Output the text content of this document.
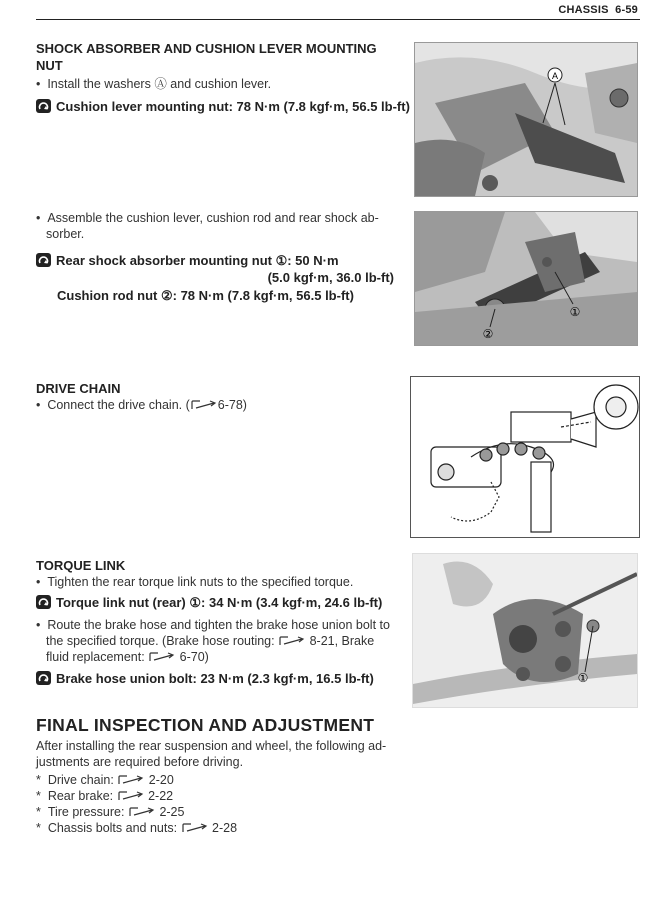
CHASSIS 6-59
SHOCK ABSORBER AND CUSHION LEVER MOUNTING
NUT
•  Install the washers Ⓐ and cushion lever.
Cushion lever mounting nut: 78 N·m (7.8 kgf·m, 56.5 lb-ft)
A
•  Assemble the cushion lever, cushion rod and rear shock ab-
sorber.
Rear shock absorber mounting nut ①: 50 N·m
(5.0 kgf·m, 36.0 lb-ft)
Cushion rod nut ②: 78 N·m (7.8 kgf·m, 56.5 lb-ft)
②
①
DRIVE CHAIN
•  Connect the drive chain. ( 6-78)
TORQUE LINK
•  Tighten the rear torque link nuts to the specified torque.
Torque link nut (rear) ①: 34 N·m (3.4 kgf·m, 24.6 lb-ft)
•  Route the brake hose and tighten the brake hose union bolt to
the specified torque. (Brake hose routing:	8-21, Brake
fluid replacement:	6-70)
Brake hose union bolt: 23 N·m (2.3 kgf·m, 16.5 lb-ft)	①
FINAL INSPECTION AND ADJUSTMENT
After installing the rear suspension and wheel, the following ad-
justments are required before driving.
*  Drive chain:	2-20
*  Rear brake:	2-22
*  Tire pressure:	2-25
*  Chassis bolts and nuts:	2-28
